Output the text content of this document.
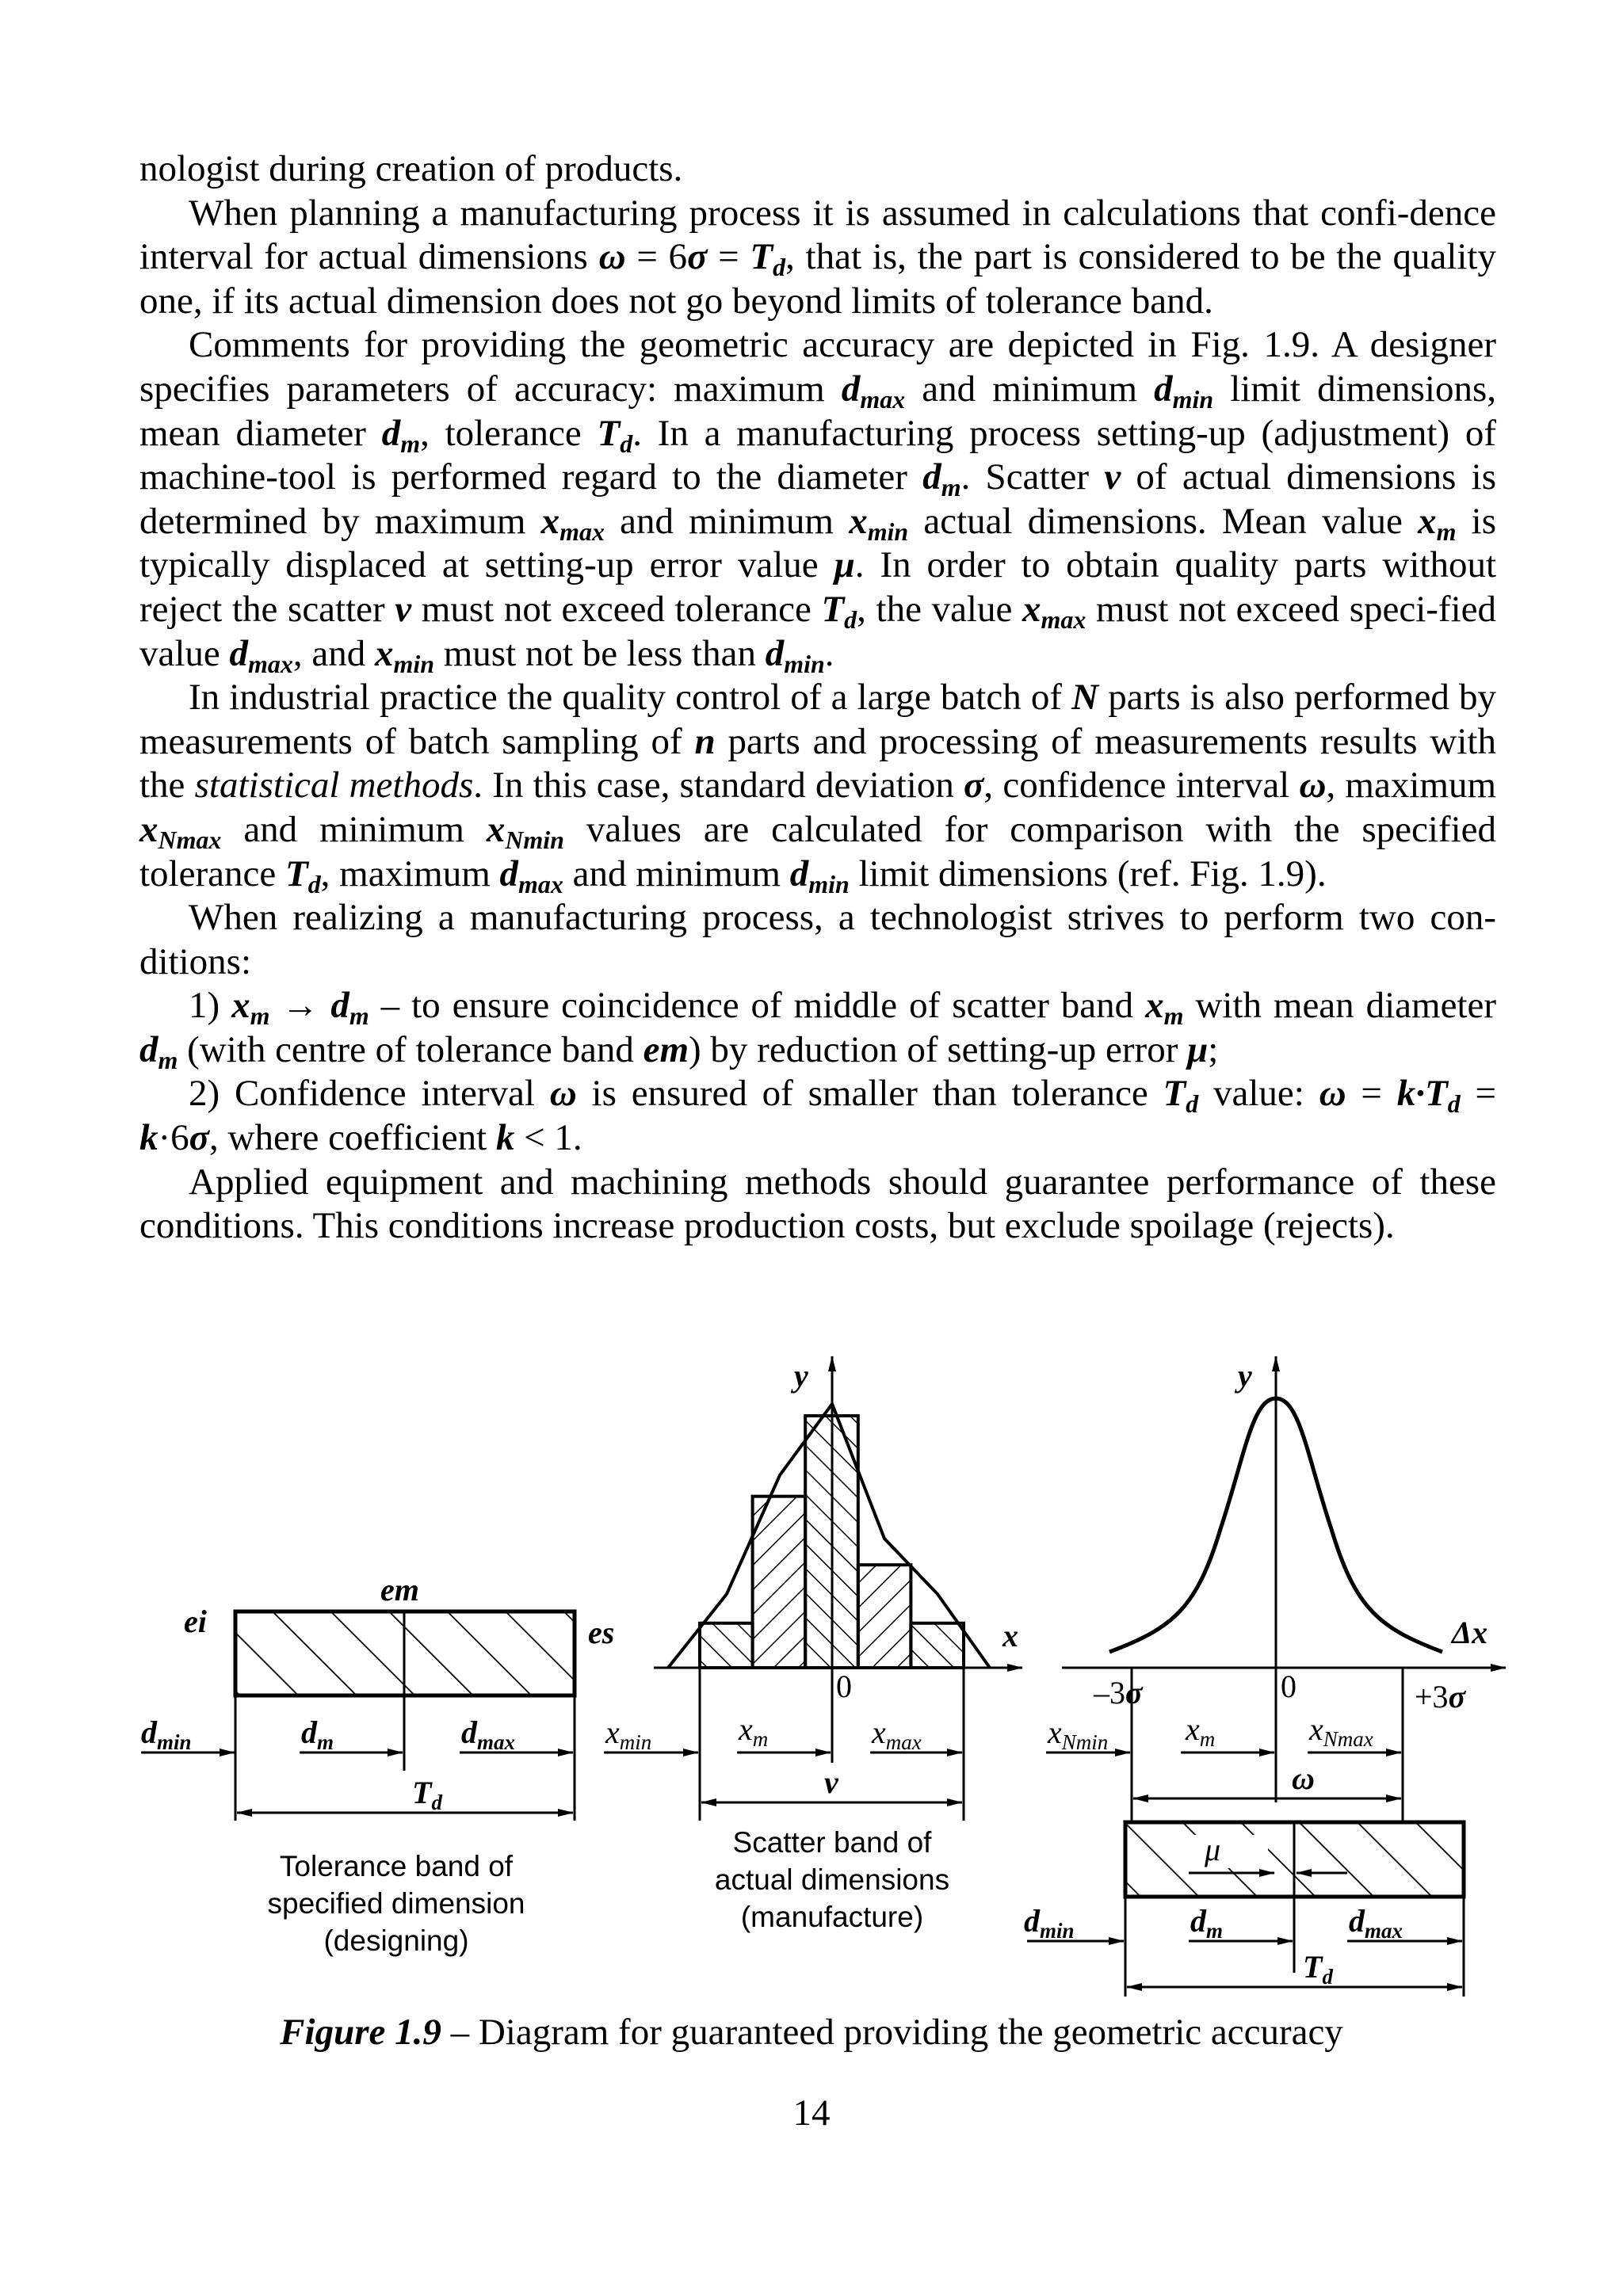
nologist during creation of products.

When planning a manufacturing process it is assumed in calculations that confi-dence interval for actual dimensions $\omega = 6\sigma = T_d$, that is, the part is considered to be the quality one, if its actual dimension does not go beyond limits of tolerance band.

Comments for providing the geometric accuracy are depicted in Fig. 1.9. A designer specifies parameters of accuracy: maximum $d_{max}$ and minimum $d_{min}$ limit dimensions, mean diameter $d_m$, tolerance $T_d$. In a manufacturing process setting-up (adjustment) of machine-tool is performed regard to the diameter $d_m$. Scatter v of actual dimensions is determined by maximum $x_{max}$ and minimum $x_{min}$ actual dimensions. Mean value $x_m$ is typically displaced at setting-up error value μ. In order to obtain quality parts without reject the scatter v must not exceed tolerance $T_d$, the value $x_{max}$ must not exceed speci-fied value $d_{max}$, and $x_{min}$ must not be less than $d_{min}$.

In industrial practice the quality control of a large batch of N parts is also performed by measurements of batch sampling of n parts and processing of measurements results with the statistical methods. In this case, standard deviation σ, confidence interval ω, maximum $x_{Nmax}$ and minimum $x_{Nmin}$ values are calculated for comparison with the specified tolerance $T_d$, maximum $d_{max}$ and minimum $d_{min}$ limit dimensions (ref. Fig. 1.9).

When realizing a manufacturing process, a technologist strives to perform two con-ditions:

1) $x_m \to d_m$ – to ensure coincidence of middle of scatter band $x_m$ with mean diameter $d_m$ (with centre of tolerance band em) by reduction of setting-up error μ;

2) Confidence interval ω is ensured of smaller than tolerance $T_d$ value: $\omega = k\cdot T_d = k\cdot 6\sigma$, where coefficient k < 1.

Applied equipment and machining methods should guarantee performance of these conditions. This conditions increase production costs, but exclude spoilage (rejects).

ei
em
es
$d_{min}$	$d_m$	$d_{max}$
$T_d$
Tolerance band of
specified dimension
(designing)
y
x
0
$x_{min}$	$x_m$	$x_{max}$
v
Scatter band of
actual dimensions
(manufacture)
y
Δx
0
–3σ	+3σ
$x_{Nmin}$ $x_m$	$x_{Nmax}$
ω
μ
$d_{min}$	$d_m$	$d_{max}$
$T_d$
Figure 1.9 – Diagram for guaranteed providing the geometric accuracy
14
